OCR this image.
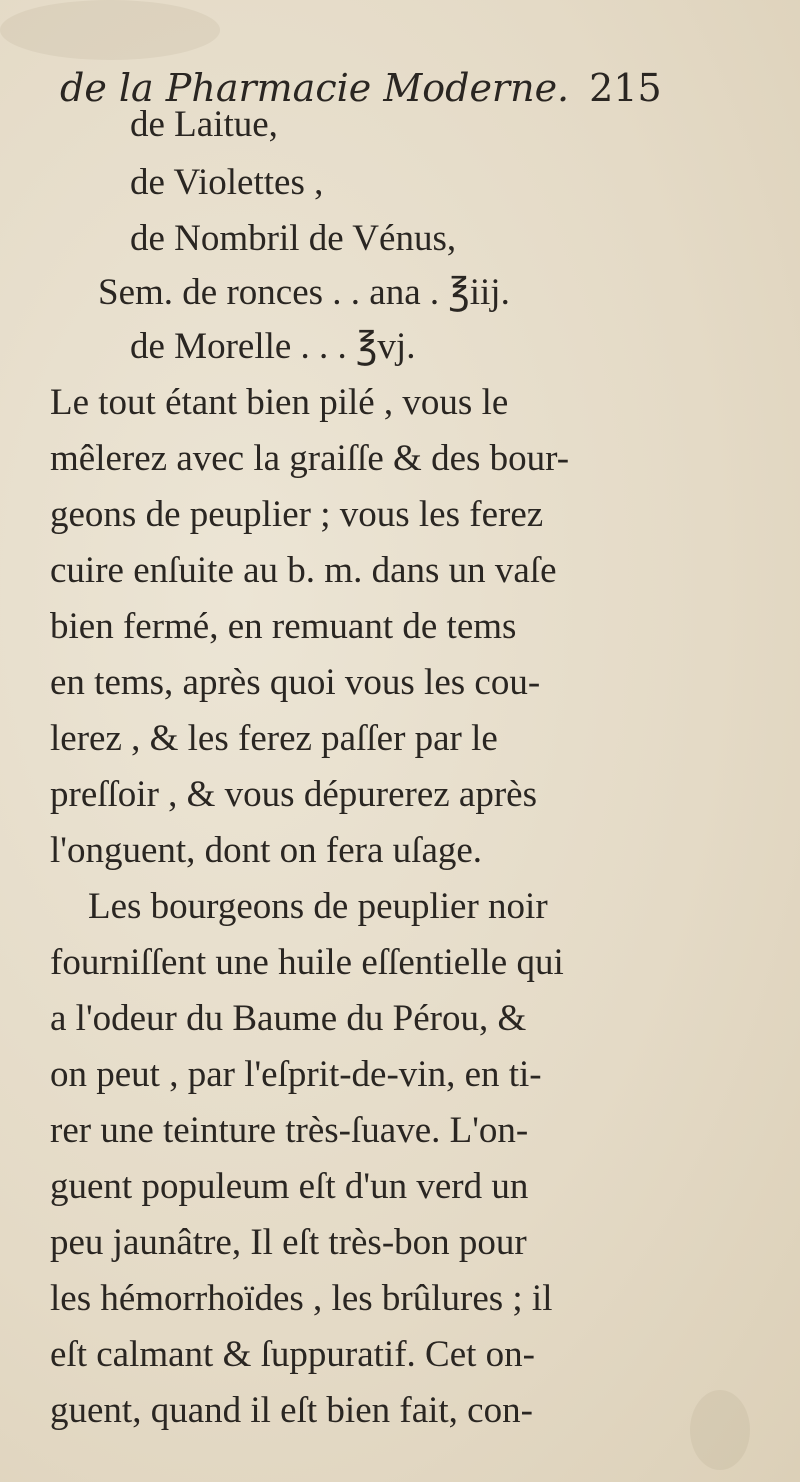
de la Pharmacie Moderne. 215
de Laitue,
de Violettes ,
de Nombril de Vénus,
Sem. de ronces . . ana . ℥iij.
de Morelle . . . ℥vj.
Le tout étant bien pilé , vous le
mêlerez avec la graiſſe & des bour-
geons de peuplier ; vous les ferez
cuire enſuite au b. m. dans un vaſe
bien fermé, en remuant de tems
en tems, après quoi vous les cou-
lerez , & les ferez paſſer par le
preſſoir , & vous dépurerez après
l'onguent, dont on fera uſage.
Les bourgeons de peuplier noir
fourniſſent une huile eſſentielle qui
a l'odeur du Baume du Pérou, &
on peut , par l'eſprit-de-vin, en ti-
rer une teinture très-ſuave. L'on-
guent populeum eſt d'un verd un
peu jaunâtre, Il eſt très-bon pour
les hémorrhoïdes , les brûlures ; il
eſt calmant & ſuppuratif. Cet on-
guent, quand il eſt bien fait, con-
